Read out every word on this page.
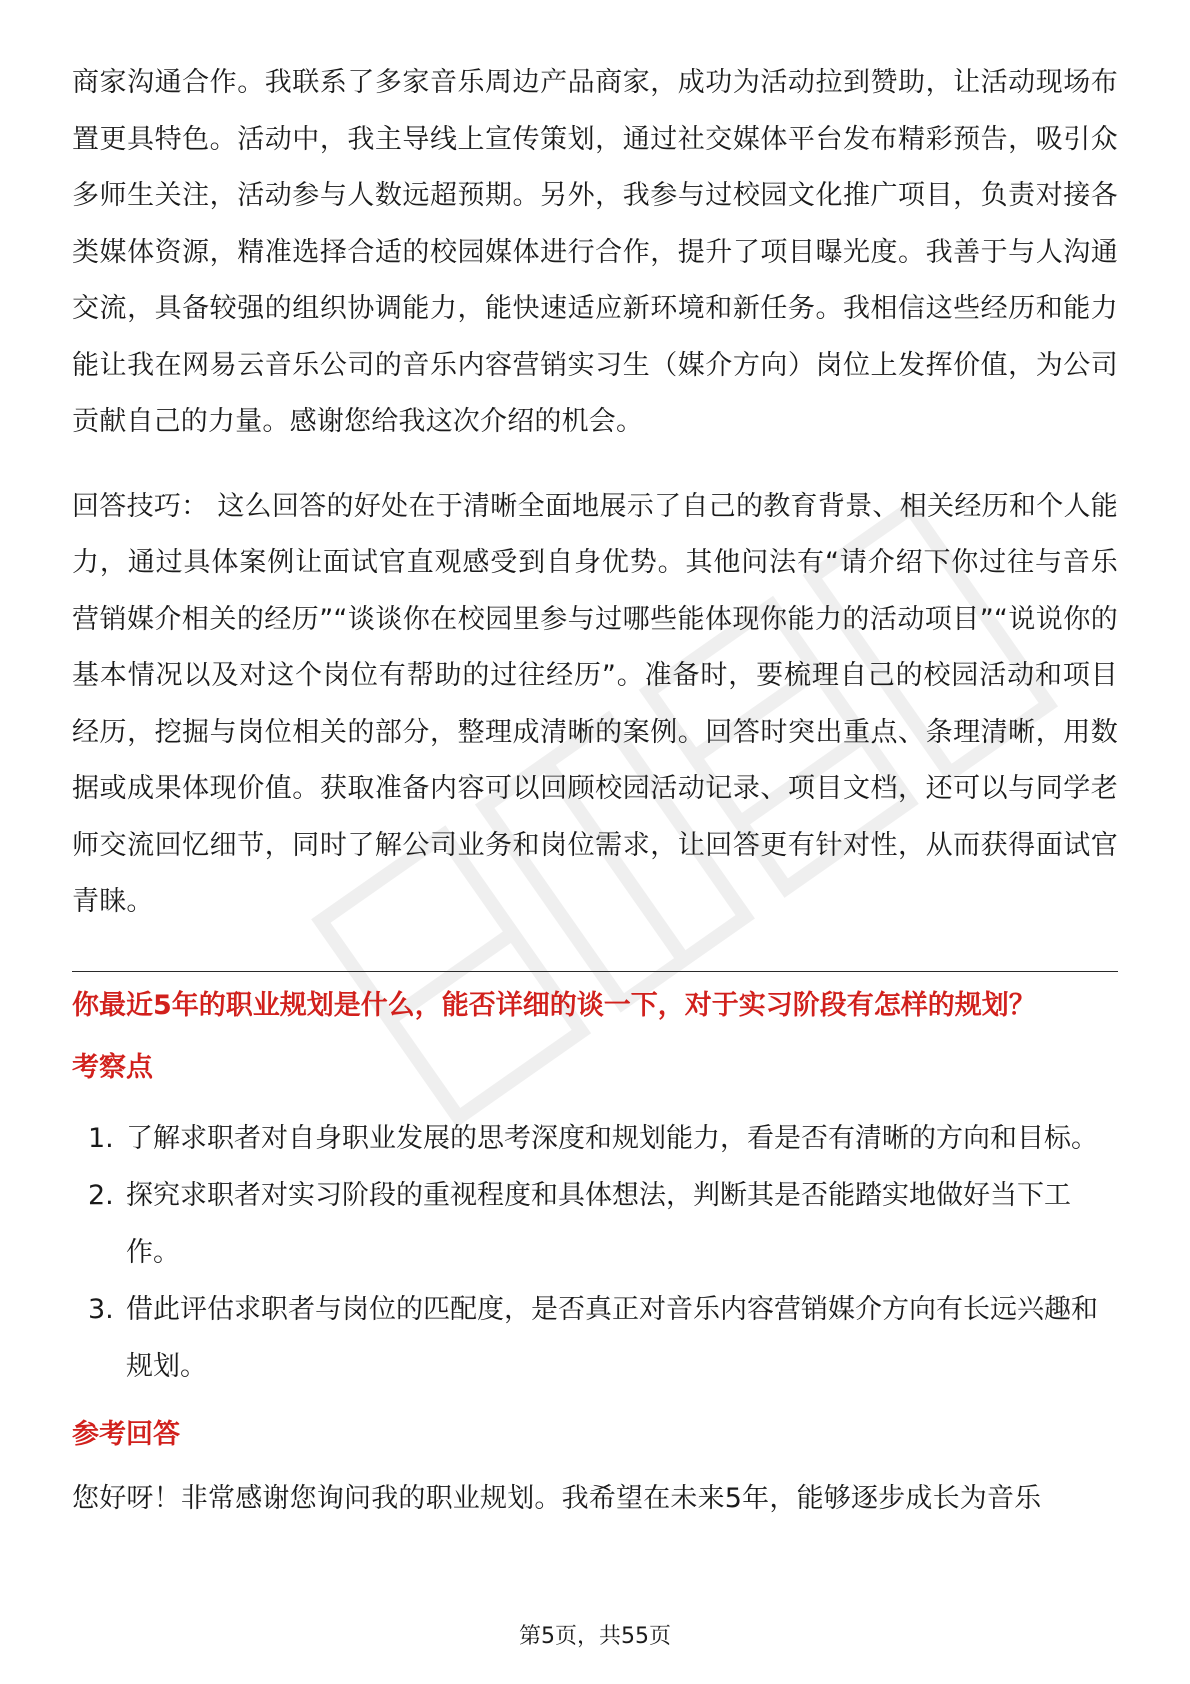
商家沟通合作。我联系了多家音乐周边产品商家，成功为活动拉到赞助，让活动现场布置更具特色。活动中，我主导线上宣传策划，通过社交媒体平台发布精彩预告，吸引众多师生关注，活动参与人数远超预期。另外，我参与过校园文化推广项目，负责对接各类媒体资源，精准选择合适的校园媒体进行合作，提升了项目曝光度。我善于与人沟通交流，具备较强的组织协调能力，能快速适应新环境和新任务。我相信这些经历和能力能让我在网易云音乐公司的音乐内容营销实习生（媒介方向）岗位上发挥价值，为公司贡献自己的力量。感谢您给我这次介绍的机会。

回答技巧： 这么回答的好处在于清晰全面地展示了自己的教育背景、相关经历和个人能力，通过具体案例让面试官直观感受到自身优势。其他问法有“请介绍下你过往与音乐营销媒介相关的经历”“谈谈你在校园里参与过哪些能体现你能力的活动项目”“说说你的基本情况以及对这个岗位有帮助的过往经历”。准备时，要梳理自己的校园活动和项目经历，挖掘与岗位相关的部分，整理成清晰的案例。回答时突出重点、条理清晰，用数据或成果体现价值。获取准备内容可以回顾校园活动记录、项目文档，还可以与同学老师交流回忆细节，同时了解公司业务和岗位需求，让回答更有针对性，从而获得面试官青睐。

你最近5年的职业规划是什么，能否详细的谈一下，对于实习阶段有怎样的规划？

考察点

1. 了解求职者对自身职业发展的思考深度和规划能力，看是否有清晰的方向和目标。
2. 探究求职者对实习阶段的重视程度和具体想法，判断其是否能踏实地做好当下工作。
3. 借此评估求职者与岗位的匹配度，是否真正对音乐内容营销媒介方向有长远兴趣和规划。

参考回答

您好呀！非常感谢您询问我的职业规划。我希望在未来5年，能够逐步成长为音乐

第5页，共55页
